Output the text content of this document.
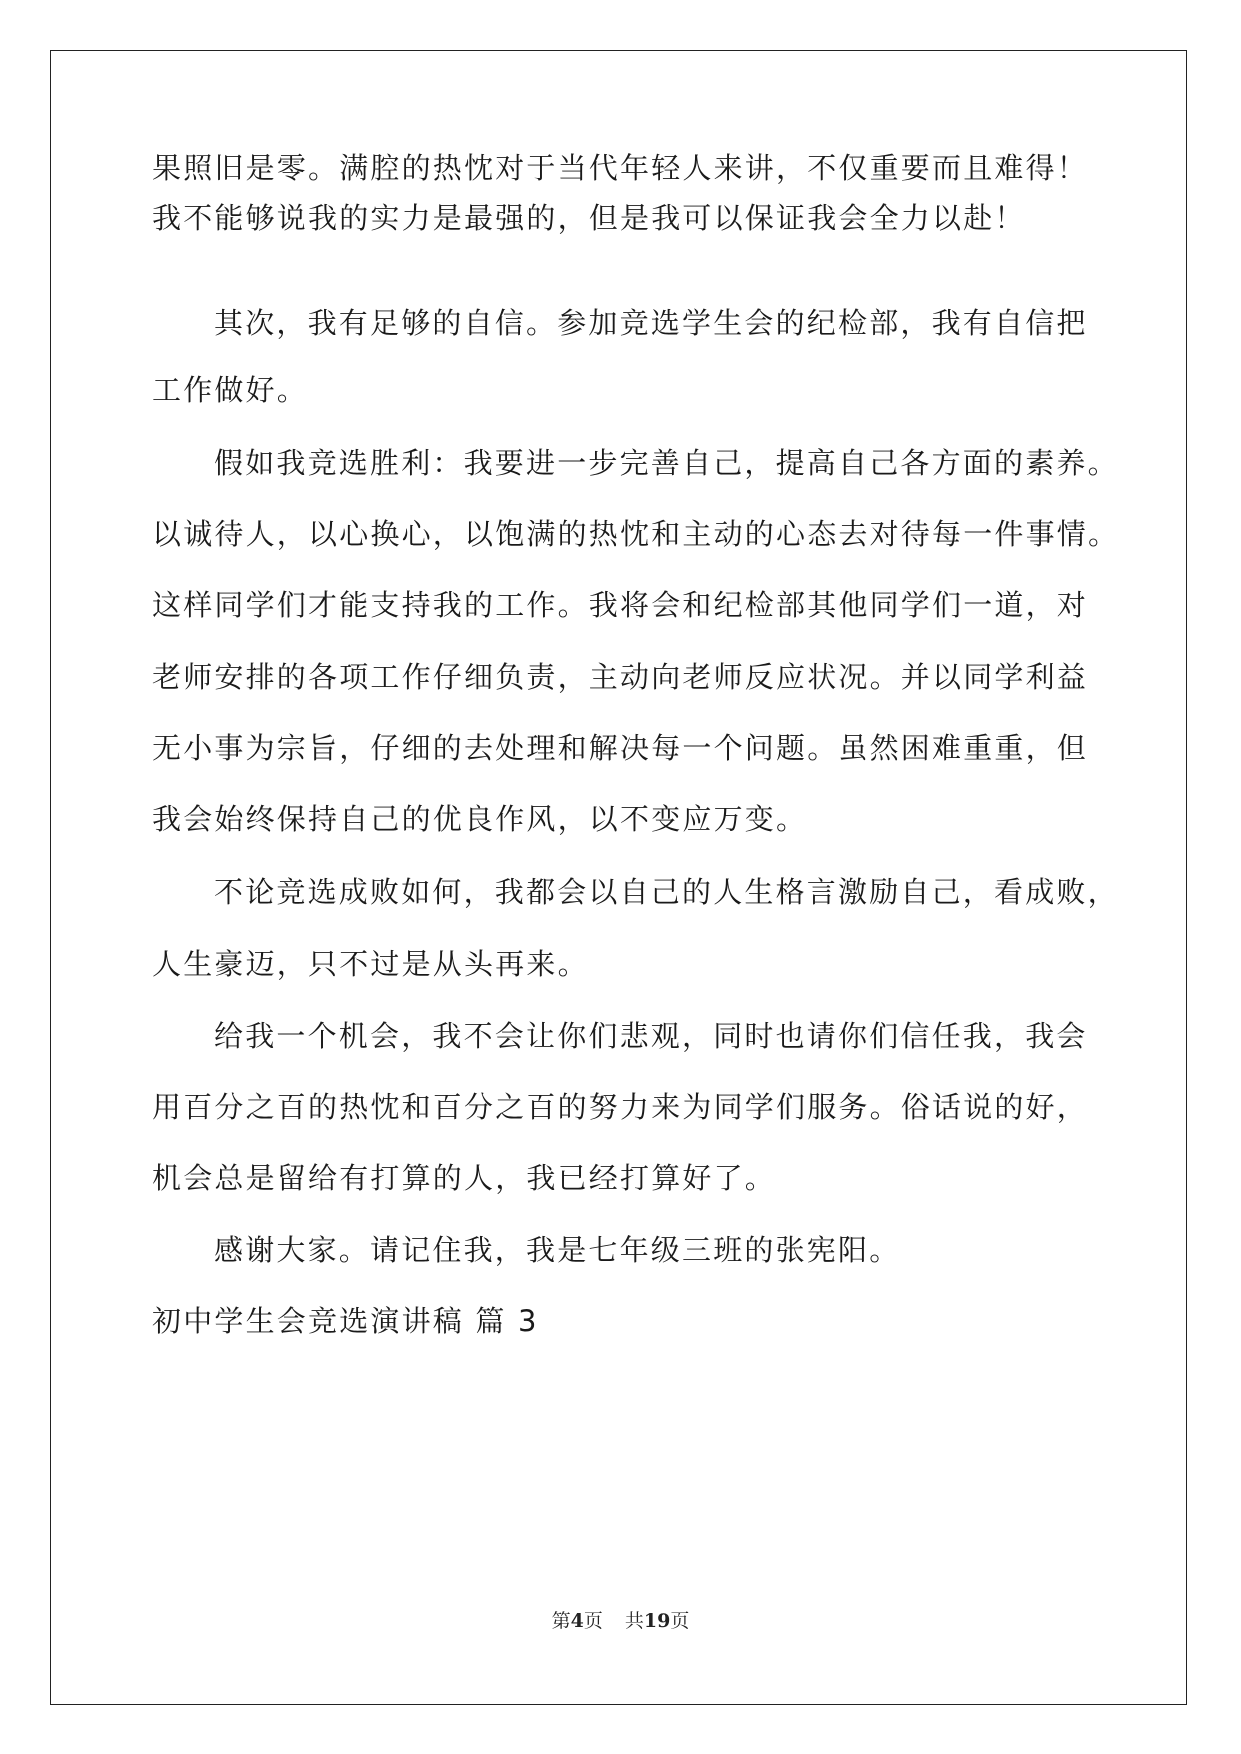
果照旧是零。满腔的热忱对于当代年轻人来讲，不仅重要而且难得！
我不能够说我的实力是最强的，但是我可以保证我会全力以赴！
其次，我有足够的自信。参加竞选学生会的纪检部，我有自信把
工作做好。
假如我竞选胜利：我要进一步完善自己，提高自己各方面的素养。
以诚待人，以心换心，以饱满的热忱和主动的心态去对待每一件事情。
这样同学们才能支持我的工作。我将会和纪检部其他同学们一道，对
老师安排的各项工作仔细负责，主动向老师反应状况。并以同学利益
无小事为宗旨，仔细的去处理和解决每一个问题。虽然困难重重，但
我会始终保持自己的优良作风，以不变应万变。
不论竞选成败如何，我都会以自己的人生格言激励自己，看成败，
人生豪迈，只不过是从头再来。
给我一个机会，我不会让你们悲观，同时也请你们信任我，我会
用百分之百的热忱和百分之百的努力来为同学们服务。俗话说的好，
机会总是留给有打算的人，我已经打算好了。
感谢大家。请记住我，我是七年级三班的张宪阳。
初中学生会竞选演讲稿 篇 3
第4页 共19页
